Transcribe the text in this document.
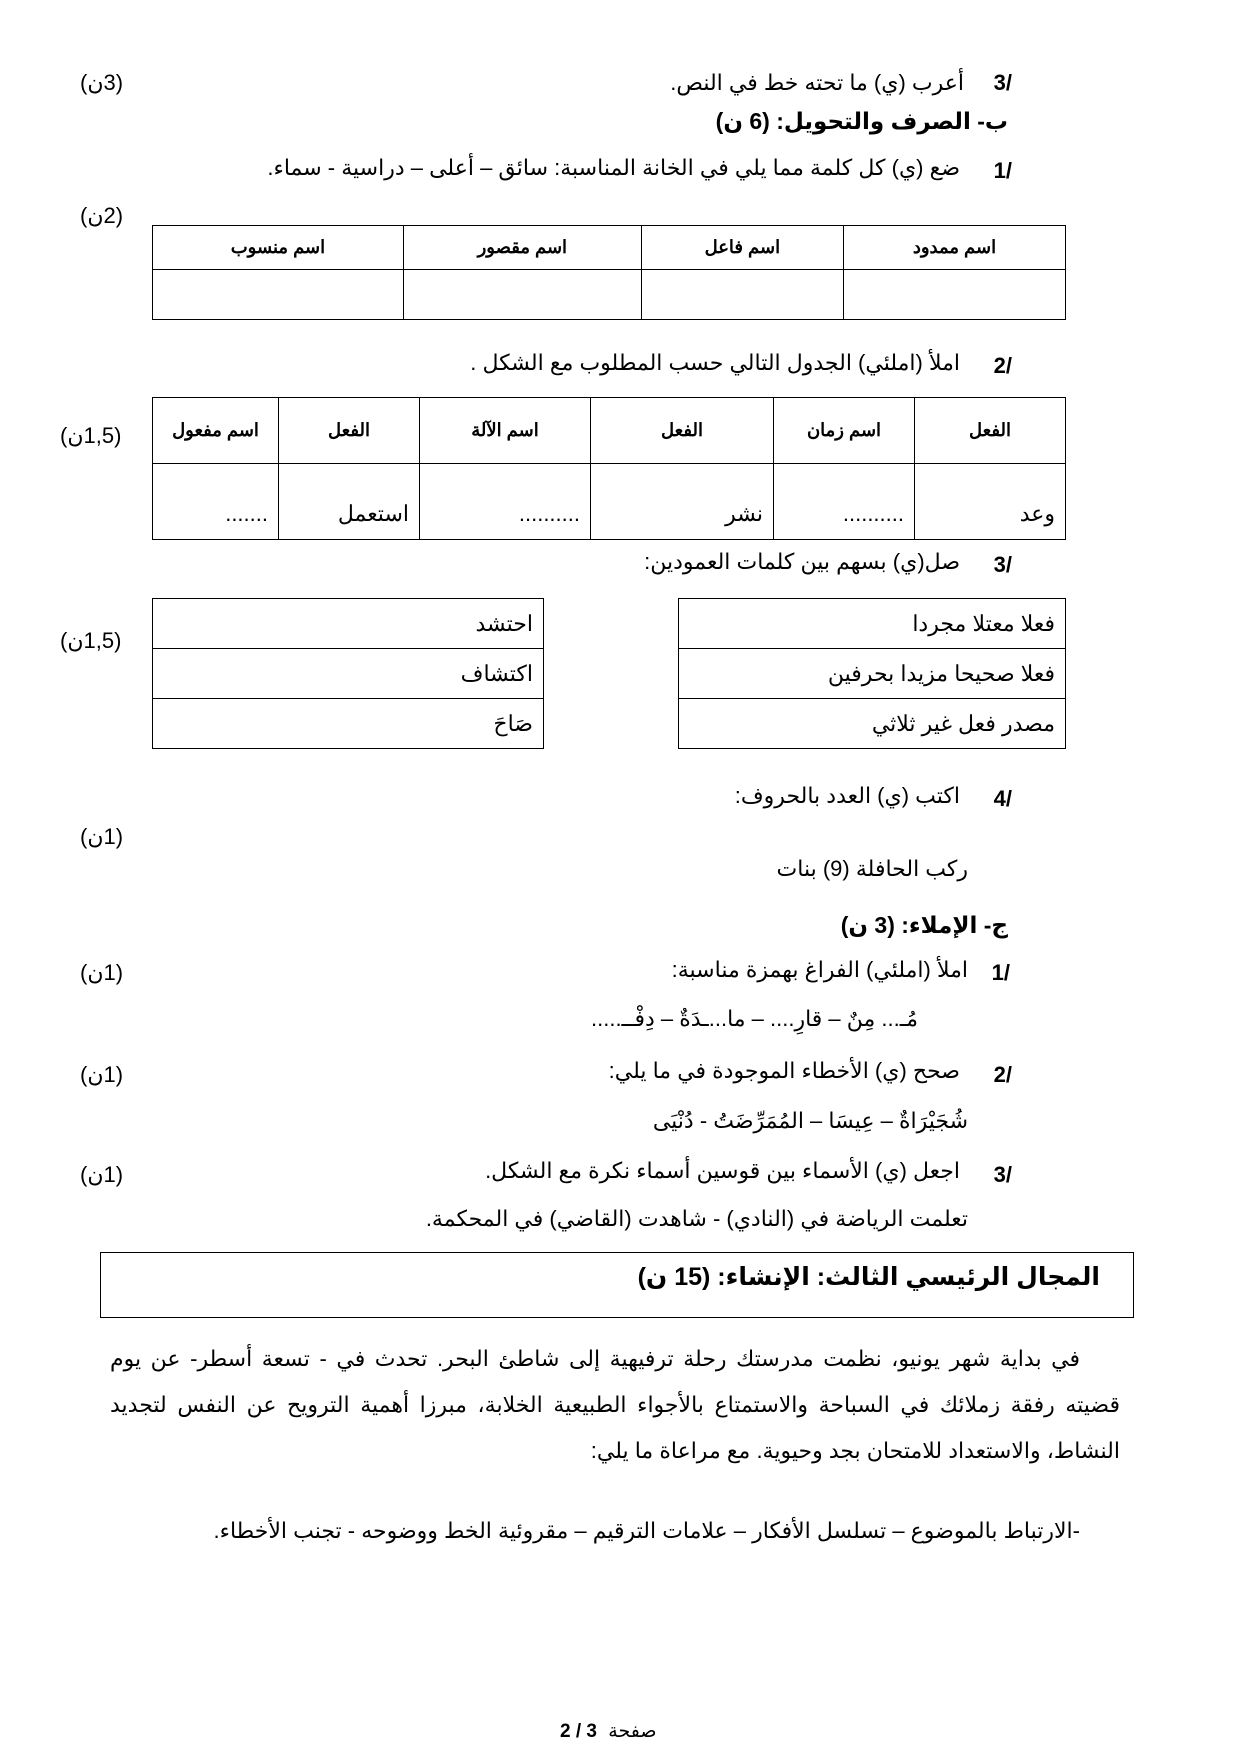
3/
أعرب (ي) ما تحته خط في النص.
(3ن)
ب- الصرف والتحويل: (6 ن)
1/
ضع (ي) كل كلمة مما يلي في الخانة المناسبة: سائق – أعلى – دراسية - سماء.
(2ن)
اسم ممدود	اسم فاعل	اسم مقصور	اسم منسوب

2/
املأ (املئي) الجدول التالي حسب المطلوب مع الشكل .
(1,5ن)	الفعل	اسم زمان	الفعل	اسم الآلة	الفعل	اسم مفعول
وعد	..........	نشر	..........	استعمل	.......
3/
صل(ي) بسهم بين كلمات العمودين:
(1,5ن)
فعلا معتلا مجردا
فعلا صحيحا مزيدا بحرفين
مصدر فعل غير ثلاثي
احتشد
اكتشاف
صَاحَ
4/
اكتب (ي) العدد بالحروف:
(1ن)
ركب الحافلة (9) بنات
ج- الإملاء: (3 ن)
1/
املأ (املئي) الفراغ بهمزة مناسبة:
(1ن)
مُـ... مِنٌ – قارِ.... – ما...ـدَةٌ – دِفْــ.....
2/
صحح (ي) الأخطاء الموجودة في ما يلي:
(1ن)
شُجَيْرَاةٌ – عِيسَا – المُمَرِّضَتُ - دُنْيَى
3/
اجعل (ي) الأسماء بين قوسين أسماء نكرة مع الشكل.
(1ن)
تعلمت الرياضة في (النادي) - شاهدت (القاضي) في المحكمة.
المجال الرئيسي الثالث: الإنشاء: (15 ن)
في بداية شهر يونيو، نظمت مدرستك رحلة ترفيهية إلى شاطئ البحر. تحدث في - تسعة أسطر- عن يوم قضيته رفقة زملائك في السباحة والاستمتاع بالأجواء الطبيعية الخلابة، مبرزا أهمية الترويح عن النفس لتجديد النشاط، والاستعداد للامتحان بجد وحيوية. مع مراعاة ما يلي:
-الارتباط بالموضوع – تسلسل الأفكار – علامات الترقيم – مقروئية الخط ووضوحه - تجنب الأخطاء.
صفحة 2 / 3
